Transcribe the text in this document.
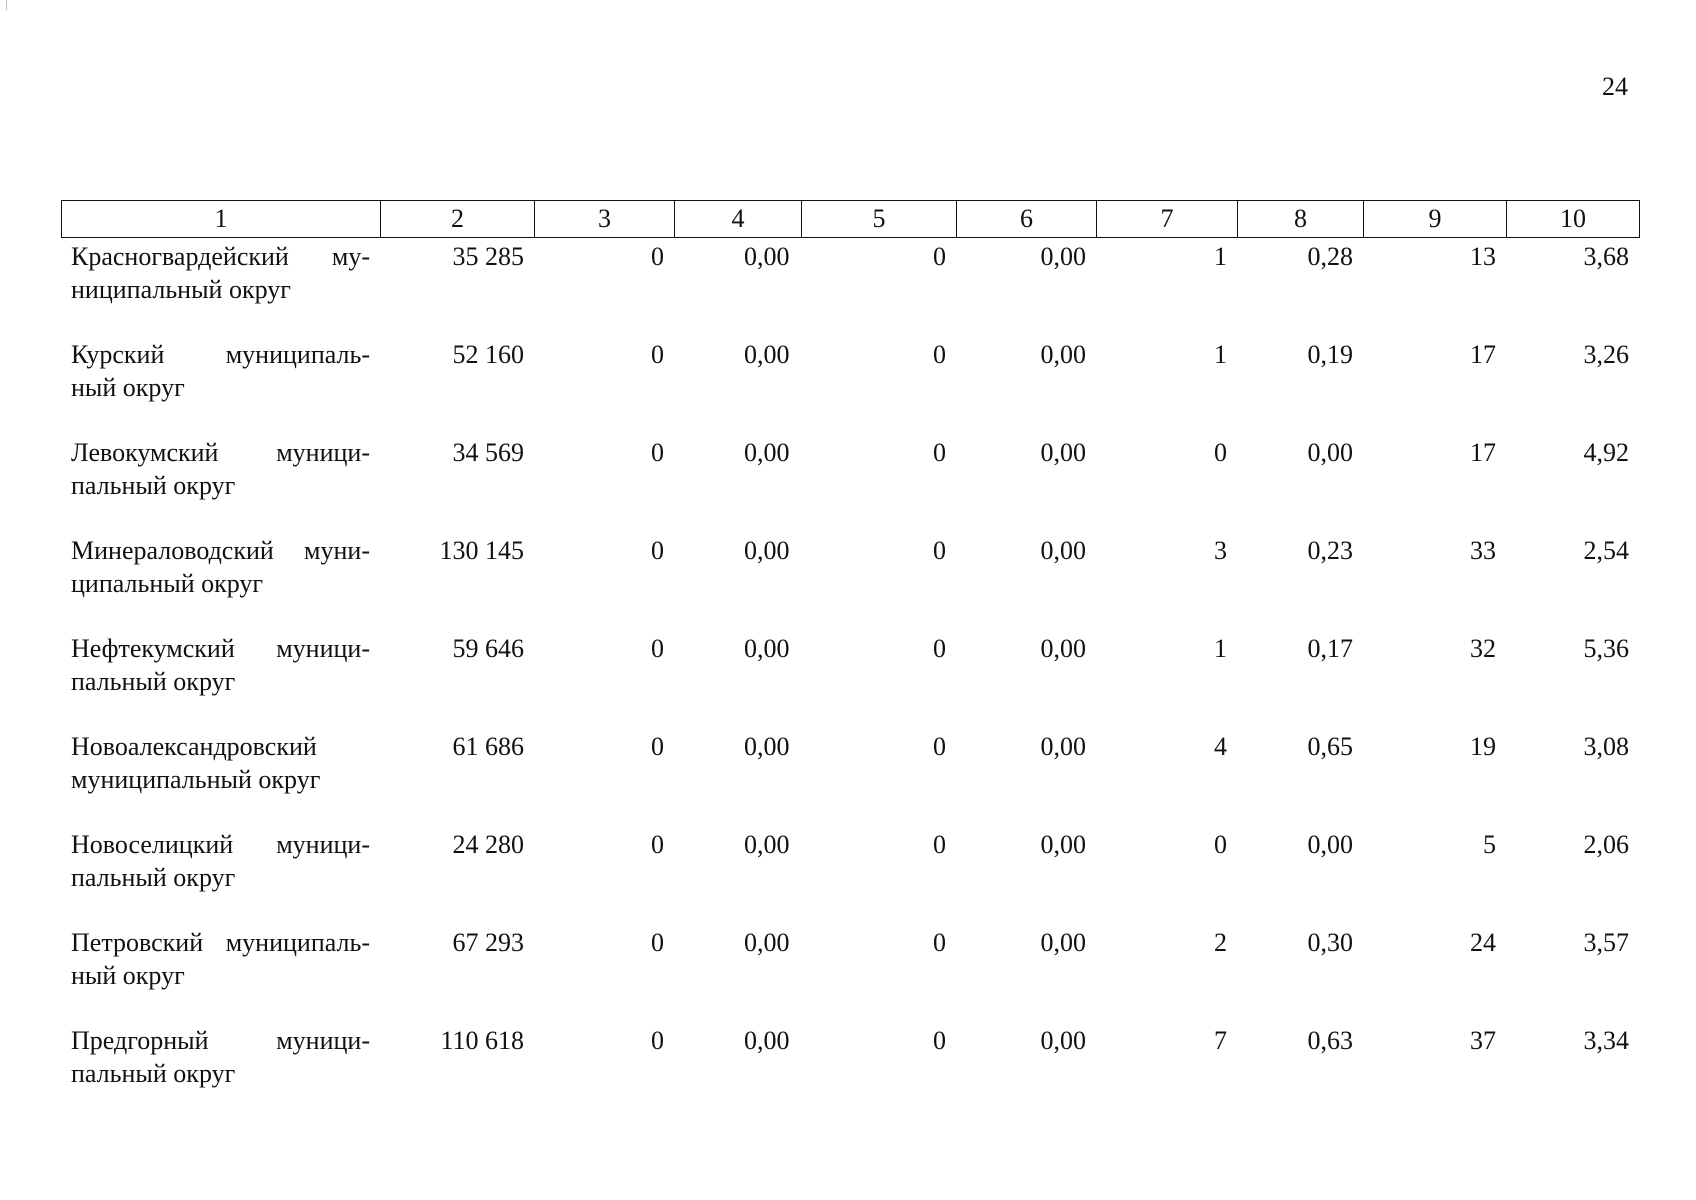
24
1	2	3	4	5	6	7	8	9	10
Красногвардейский му-
ниципальный округ	35 285	0	0,00	0	0,00	1	0,28	13	3,68

Курский муниципаль-
ный округ	52 160	0	0,00	0	0,00	1	0,19	17	3,26

Левокумский муници-
пальный округ	34 569	0	0,00	0	0,00	0	0,00	17	4,92

Минераловодский муни-
ципальный округ	130 145	0	0,00	0	0,00	3	0,23	33	2,54

Нефтекумский муници-
пальный округ	59 646	0	0,00	0	0,00	1	0,17	32	5,36

Новоалександровский
муниципальный округ	61 686	0	0,00	0	0,00	4	0,65	19	3,08

Новоселицкий муници-
пальный округ	24 280	0	0,00	0	0,00	0	0,00	5	2,06

Петровский муниципаль-
ный округ	67 293	0	0,00	0	0,00	2	0,30	24	3,57

Предгорный муници-
пальный округ	110 618	0	0,00	0	0,00	7	0,63	37	3,34
